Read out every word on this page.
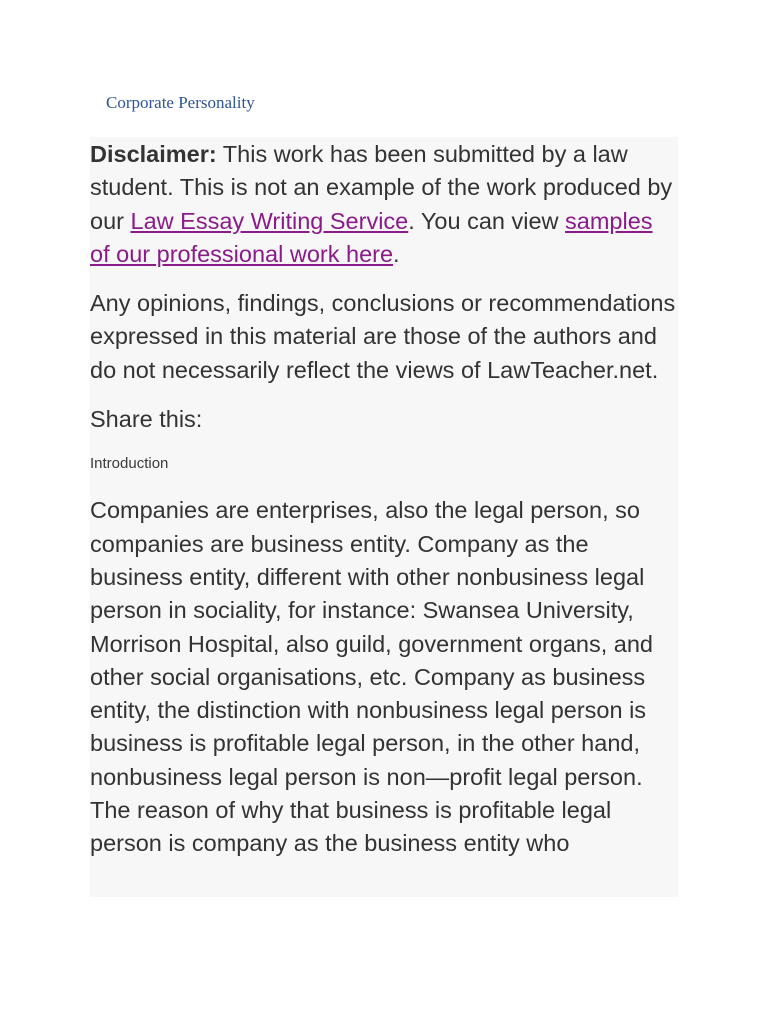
Corporate Personality

Disclaimer: This work has been submitted by a law student. This is not an example of the work produced by our Law Essay Writing Service. You can view samples of our professional work here.

Any opinions, findings, conclusions or recommendations expressed in this material are those of the authors and do not necessarily reflect the views of LawTeacher.net.

Share this:

Introduction

Companies are enterprises, also the legal person, so companies are business entity. Company as the business entity, different with other nonbusiness legal person in sociality, for instance: Swansea University, Morrison Hospital, also guild, government organs, and other social organisations, etc. Company as business entity, the distinction with nonbusiness legal person is business is profitable legal person, in the other hand, nonbusiness legal person is non—profit legal person. The reason of why that business is profitable legal person is company as the business entity who
